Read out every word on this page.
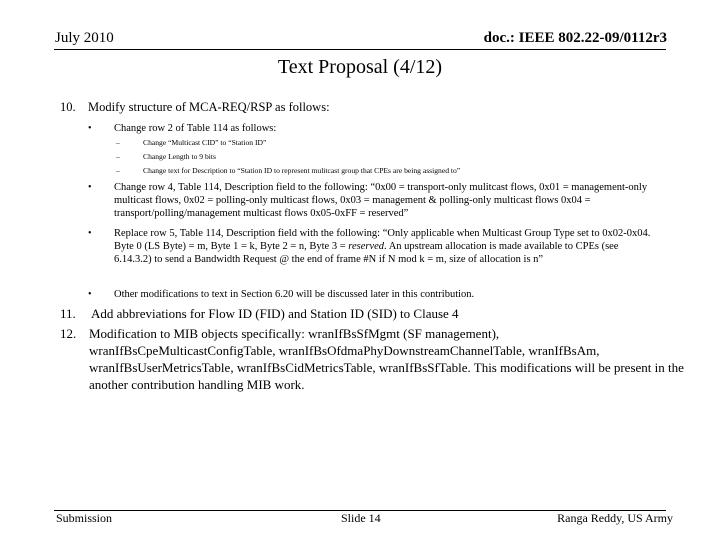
July 2010	doc.: IEEE 802.22-09/0112r3
Text Proposal (4/12)
10. Modify structure of MCA-REQ/RSP as follows:
• Change row 2 of Table 114 as follows:
–	Change “Multicast CID” to “Station ID”
–	Change Length to 9 bits
–	Change text for Description to “Station ID to represent mulitcast group that CPEs are being assigned to”
• Change row 4, Table 114, Description field to the following: “0x00 = transport-only mulitcast flows, 0x01 = management-only multicast flows, 0x02 = polling-only multicast flows, 0x03 = management & polling-only multicast flows 0x04 = transport/polling/management multicast flows 0x05-0xFF = reserved”
• Replace row 5, Table 114, Description field with the following: “Only applicable when Multicast Group Type set to 0x02-0x04. Byte 0 (LS Byte) = m, Byte 1 = k, Byte 2 = n, Byte 3 = reserved. An upstream allocation is made available to CPEs (see 6.14.3.2) to send a Bandwidth Request @ the end of frame #N if N mod k = m, size of allocation is n”
• Other modifications to text in Section 6.20 will be discussed later in this contribution.
11. Add abbreviations for Flow ID (FID) and Station ID (SID) to Clause 4
12. Modification to MIB objects specifically: wranIfBsSfMgmt (SF management), wranIfBsCpeMulticastConfigTable, wranIfBsOfdmaPhyDownstreamChannelTable, wranIfBsAm, wranIfBsUserMetricsTable, wranIfBsCidMetricsTable, wranIfBsSfTable. This modifications will be present in the another contribution handling MIB work.
Submission	Slide 14	Ranga Reddy, US Army
